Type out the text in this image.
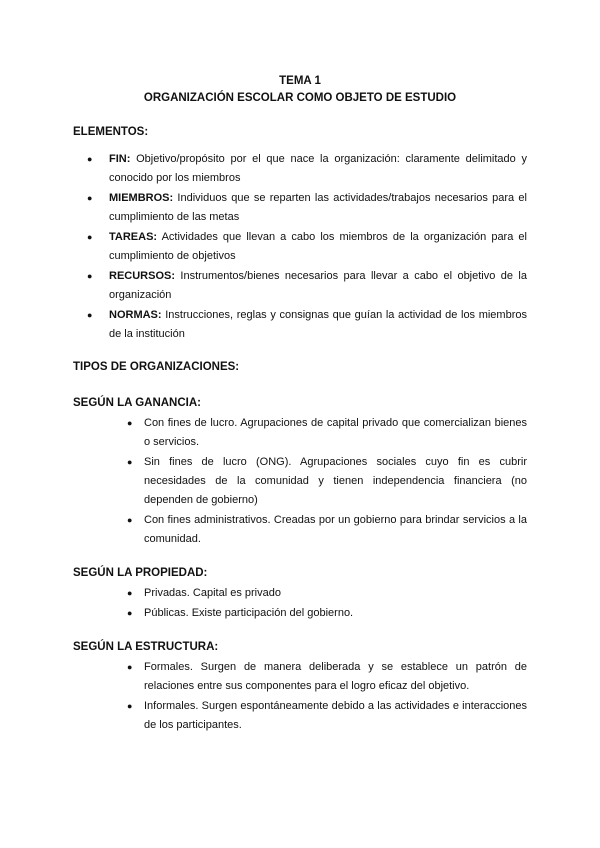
TEMA 1
ORGANIZACIÓN ESCOLAR COMO OBJETO DE ESTUDIO
ELEMENTOS:
● FIN: Objetivo/propósito por el que nace la organización: claramente delimitado y conocido por los miembros
● MIEMBROS: Individuos que se reparten las actividades/trabajos necesarios para el cumplimiento de las metas
● TAREAS: Actividades que llevan a cabo los miembros de la organización para el cumplimiento de objetivos
● RECURSOS: Instrumentos/bienes necesarios para llevar a cabo el objetivo de la organización
● NORMAS: Instrucciones, reglas y consignas que guían la actividad de los miembros de la institución
TIPOS DE ORGANIZACIONES:
SEGÚN LA GANANCIA:
● Con fines de lucro. Agrupaciones de capital privado que comercializan bienes o servicios.
● Sin fines de lucro (ONG). Agrupaciones sociales cuyo fin es cubrir necesidades de la comunidad y tienen independencia financiera (no dependen de gobierno)
● Con fines administrativos. Creadas por un gobierno para brindar servicios a la comunidad.
SEGÚN LA PROPIEDAD:
● Privadas. Capital es privado
● Públicas. Existe participación del gobierno.
SEGÚN LA ESTRUCTURA:
● Formales. Surgen de manera deliberada y se establece un patrón de relaciones entre sus componentes para el logro eficaz del objetivo.
● Informales. Surgen espontáneamente debido a las actividades e interacciones de los participantes.
